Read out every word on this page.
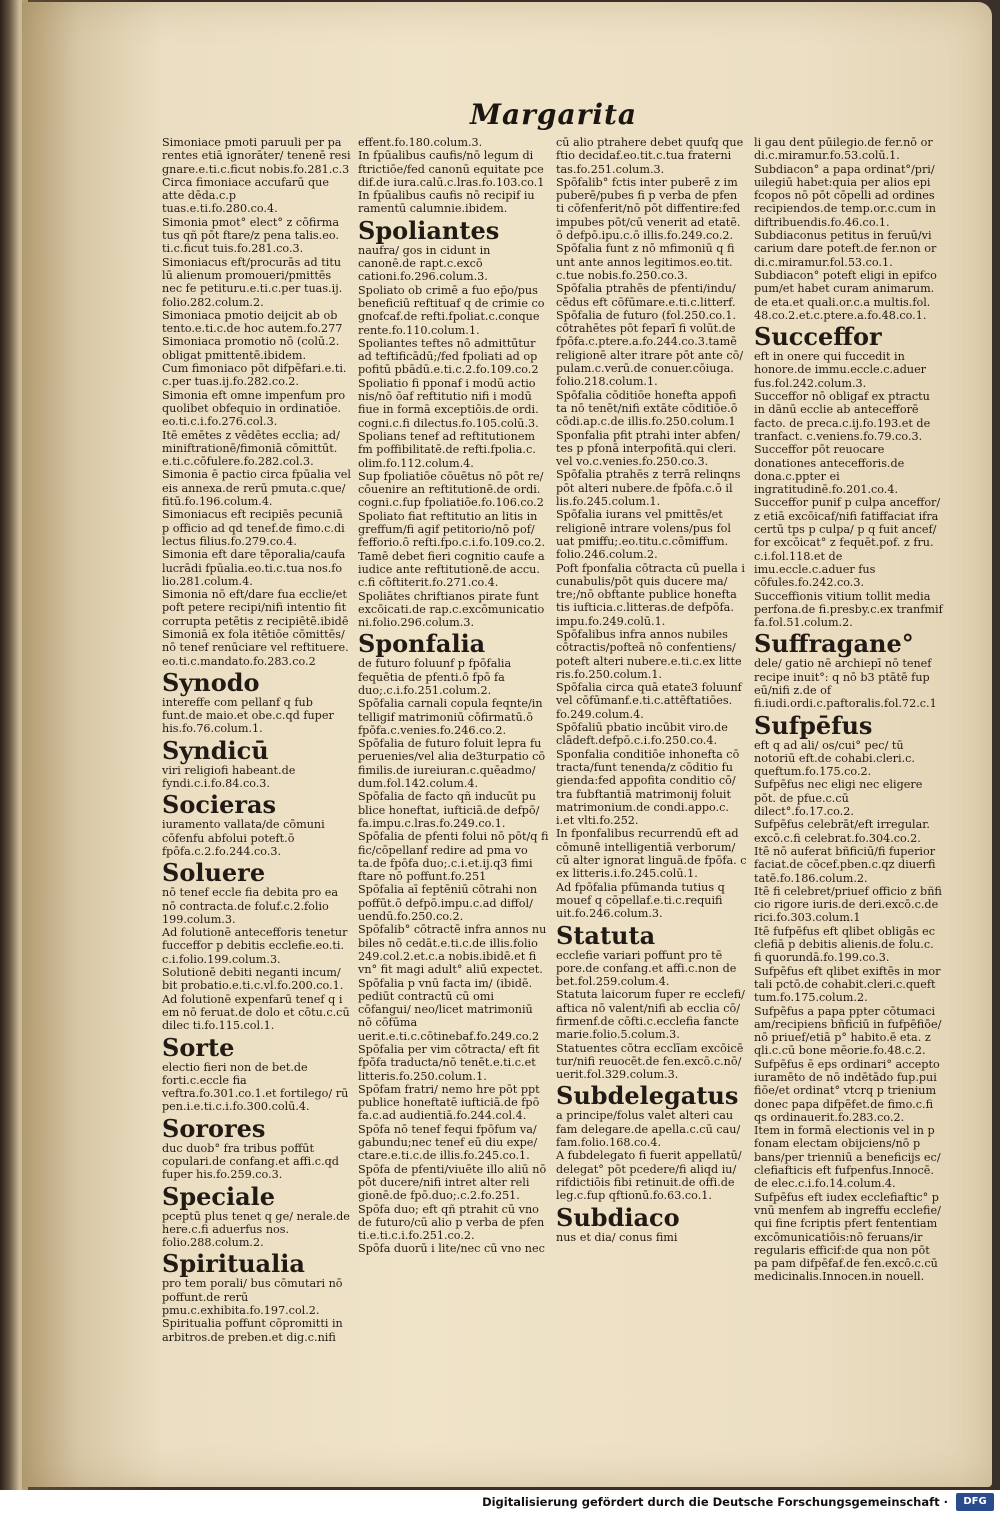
Margarita

Simoniace pmoti paruuli per pa rentes etiā ignorāter/ tenenē resi gnare.e.ti.c.ficut nobis.fo.281.c.3

Circa fimoniace accufarū que atte dēda.c.p tuas.e.ti.fo.280.co.4.

Simonia pmot° elect° z cōfirma tus qñ pōt ftare/z pena talis.eo. ti.c.ficut tuis.fo.281.co.3.

Simoniacus eft/procurās ad titu lū alienum promoueri/pmittēs nec fe petituru.e.ti.c.per tuas.ij. folio.282.colum.2.

Simoniaca pmotio deijcit ab ob tento.e.ti.c.de hoc autem.fo.277

Simoniaca promotio nō (colū.2. obligat pmittentē.ibidem.

Cum fimoniaco pōt difpēfari.e.ti. c.per tuas.ij.fo.282.co.2.

Simonia eft omne impenfum pro quolibet obfequio in ordinatiōe. eo.ti.c.i.fo.276.col.3.

Itē emētes z vēdētes ecclia; ad/ miniftrationē/fimoniā cōmittūt. e.ti.c.cōfulere.fo.282.col.3.

Simonia ē pactio circa fpūalia vel eis annexa.de rerū pmuta.c.que/ fitū.fo.196.colum.4.

Simoniacus eft recipiēs pecuniā p officio ad qd tenef.de fimo.c.di lectus filius.fo.279.co.4.

Simonia eft dare tēporalia/caufa lucrādi fpūalia.eo.ti.c.tua nos.fo lio.281.colum.4.

Simonia nō eft/dare fua ecclie/et poft petere recipi/nifi intentio fit corrupta petētis z recipiētē.ibidē

Simoniā ex fola itētiōe cōmittēs/ nō tenef renūciare vel reftituere. eo.ti.c.mandato.fo.283.co.2

Synodo

intereffe com pellanf q fub funt.de maio.et obe.c.qd fuper his.fo.76.colum.1.

Syndicū

viri religiofi habeant.de fyndi.c.i.fo.84.co.3.

Socieras

iuramento vallata/de cōmuni cōfenfu abfolui poteft.ō fpōfa.c.2.fo.244.co.3.

Soluere

nō tenef eccle fia debita pro ea nō contracta.de foluf.c.2.folio 199.colum.3.

Ad folutionē antecefforis tenetur fucceffor p debitis ecclefie.eo.ti. c.i.folio.199.colum.3.

Solutionē debiti neganti incum/ bit probatio.e.ti.c.vl.fo.200.co.1.

Ad folutionē expenfarū tenef q i em nō feruat.de dolo et cōtu.c.cū dilec ti.fo.115.col.1.

Sorte

electio fieri non de bet.de forti.c.eccle fia veftra.fo.301.co.1.et fortilego/ rū pen.i.e.ti.c.i.fo.300.colū.4.

Sorores

duc duob° fra tribus poffūt copulari.de confang.et affi.c.qd fuper his.fo.259.co.3.

Speciale

pceptū plus tenet q ge/ nerale.de here.c.fi aduerfus nos. folio.288.colum.2.

Spiritualia

pro tem porali/ bus cōmutari nō poffunt.de rerū pmu.c.exhibita.fo.197.col.2.

Spiritualia poffunt cōpromitti in arbitros.de preben.et dig.c.nifi

effent.fo.180.colum.3.

In fpūalibus caufis/nō legum di ftrictiōe/fed canonū equitate pce dif.de iura.calū.c.lras.fo.103.co.1

In fpūalibus caufis nō recipif iu ramentū calumnie.ibidem.

Spoliantes

naufra/ gos in cidunt in canonē.de rapt.c.excō cationi.fo.296.colum.3.

Spoliato ob crimē a fuo ep̄o/pus beneficiū reftituaf q de crimie co gnofcaf.de refti.fpoliat.c.conque rente.fo.110.colum.1.

Spoliantes teftes nō admittūtur ad teftificādū;/fed fpoliati ad op pofitū pbādū.e.ti.c.2.fo.109.co.2

Spoliatio fi pponaf i modū actio nis/nō ōaf reftitutio nifi i modū fiue in formā exceptiōis.de ordi. cogni.c.fi dilectus.fo.105.colū.3.

Spolians tenef ad reftitutionem fm poffibilitatē.de refti.fpolia.c. olim.fo.112.colum.4.

Sup fpoliatiōe cōuētus nō pōt re/ cōuenire an reftitutionē.de ordi. cogni.c.fup fpoliatiōe.fo.106.co.2

Spoliato fiat reftitutio an litis in greffum/fi agif petitorio/nō pof/ fefforio.ō refti.fpo.c.i.fo.109.co.2.

Tamē debet fieri cognitio caufe a iudice ante reftitutionē.de accu. c.fi cōftiterit.fo.271.co.4.

Spoliātes chriftianos pirate funt excōicati.de rap.c.excōmunicatio ni.folio.296.colum.3.

Sponfalia

de futuro foluunf p fpōfalia fequētia de pfenti.ō fpō fa duo;.c.i.fo.251.colum.2.

Spōfalia carnali copula feqnte/in telligif matrimoniū cōfirmatū.ō fpōfa.c.venies.fo.246.co.2.

Spōfalia de futuro foluit lepra fu peruenies/vel alia de3turpatio cō fimilis.de iureiuran.c.quēadmo/ dum.fol.142.colum.4.

Spōfalia de facto qñ inducūt pu blice honeftat, iufticiā.de defpō/ fa.impu.c.lras.fo.249.co.1.

Spōfalia de pfenti folui nō pōt/q fi fic/cōpellanf redire ad pma vo ta.de fpōfa duo;.c.i.et.ij.q3 fimi ftare nō poffunt.fo.251

Spōfalia aī feptēniū cōtrahi non poffūt.ō defpō.impu.c.ad diffol/ uendū.fo.250.co.2.

Spōfalib° cōtractē infra annos nu biles nō cedāt.e.ti.c.de illis.folio 249.col.2.et.c.a nobis.ibidē.et fi vn° fit magi adult° aliū expectet.

Spōfalia p vnū facta im/ (ibidē. pediūt contractū cū omi cōfangui/ neo/licet matrimoniū nō cōfūma uerit.e.ti.c.cōtinebaf.fo.249.co.2

Spōfalia per vim cōtracta/ eft fit fpōfa traducta/nō tenēt.e.ti.c.et litteris.fo.250.colum.1.

Spōfam fratri/ nemo hre pōt ppt publice honeftatē iufticiā.de fpō fa.c.ad audientiā.fo.244.col.4.

Spōfa nō tenef fequi fpōfum va/ gabundu;nec tenef eū diu expe/ ctare.e.ti.c.de illis.fo.245.co.1.

Spōfa de pfenti/viuēte illo aliū nō pōt ducere/nifi intret alter reli gionē.de fpō.duo;.c.2.fo.251.

Spōfa duo; eft qñ ptrahit cū vno de futuro/cū alio p verba de pfen ti.e.ti.c.i.fo.251.co.2.

Spōfa duorū i lite/nec cū vno nec

cū alio ptrahere debet quufq que ftio decidaf.eo.tit.c.tua fraterni tas.fo.251.colum.3.

Spōfalib° fctis inter puberē z im puberē/pubes fi p verba de pfen ti cōfenferit/nō pōt diffentire:fed impubes pōt/cū venerit ad etatē. ō defpō.ipu.c.ō illis.fo.249.co.2.

Spōfalia funt z nō mfimoniū q fi unt ante annos legitimos.eo.tit. c.tue nobis.fo.250.co.3.

Spōfalia ptrahēs de pfenti/indu/ cēdus eft cōfūmare.e.ti.c.litterf.

Spōfalia de futuro (fol.250.co.1. cōtrahētes pōt feparī fi volūt.de fpōfa.c.ptere.a.fo.244.co.3.tamē religionē alter itrare pōt ante cō/ pulam.c.verū.de conuer.cōiuga. folio.218.colum.1.

Spōfalia cōditiōe honefta appofi ta nō tenēt/nifi extāte cōditiōe.ō cōdi.ap.c.de illis.fo.250.colum.1

Sponfalia pfit ptrahi inter abfen/ tes p pfonā interpofitā.qui cleri. vel vo.c.venies.fo.250.co.3.

Spōfalia ptrahēs z terrā relinqns pōt alteri nubere.de fpōfa.c.ō il lis.fo.245.colum.1.

Spōfalia iurans vel pmittēs/et religionē intrare volens/pus fol uat pmiffu;.eo.titu.c.cōmiffum. folio.246.colum.2.

Poft fponfalia cōtracta cū puella i cunabulis/pōt quis ducere ma/ tre;/nō obftante publice honefta tis iufticia.c.litteras.de defpōfa. impu.fo.249.colū.1.

Spōfalibus infra annos nubiles cōtractis/pofteā nō confentiens/ poteft alteri nubere.e.ti.c.ex litte ris.fo.250.colum.1.

Spōfalia circa quā etate3 foluunf vel cōfūmanf.e.ti.c.attēftatiōes. fo.249.colum.4.

Spōfaliū pbatio incūbit viro.de clādeft.defpō.c.i.fo.250.co.4.

Sponfalia conditiōe inhonefta cō tracta/funt tenenda/z cōditio fu gienda:fed appofita conditio cō/ tra fubftantiā matrimonij foluit matrimonium.de condi.appo.c. i.et vlti.fo.252.

In fponfalibus recurrendū eft ad cōmunē intelligentiā verborum/ cū alter ignorat linguā.de fpōfa. c ex litteris.i.fo.245.colū.1.

Ad fpōfalia pfūmanda tutius q mouef q cōpellaf.e.ti.c.requifi uit.fo.246.colum.3.

Statuta

ecclefie variari poffunt pro tē pore.de confang.et affi.c.non de bet.fol.259.colum.4.

Statuta laicorum fuper re ecclefi/ aftica nō valent/nifi ab ecclia cō/ firmenf.de cōfti.c.ecclefia fancte marie.folio.5.colum.3.

Statuentes cōtra ecclīam excōicē tur/nifi reuocēt.de fen.excō.c.nō/ uerit.fol.329.colum.3.

Subdelegatus

a principe/folus valet alteri cau fam delegare.de apella.c.cū cau/ fam.folio.168.co.4.

A fubdelegato fi fuerit appellatū/ delegat° pōt pcedere/fi aliqd iu/ rifdictiōis fibi retinuit.de offi.de leg.c.fup qftionū.fo.63.co.1.

Subdiaco

nus et dia/ conus fimi

li gau dent pūilegio.de fer.nō or di.c.miramur.fo.53.colū.1.

Subdiacon° a papa ordinat°/pri/ uilegiū habet:quia per alios epi fcopos nō pōt cōpelli ad ordines recipiendos.de temp.or.c.cum in diftribuendis.fo.46.co.1.

Subdiaconus petitus in feruū/vi carium dare poteft.de fer.non or di.c.miramur.fol.53.co.1.

Subdiacon° poteft eligi in epifco pum/et habet curam animarum. de eta.et quali.or.c.a multis.fol. 48.co.2.et.c.ptere.a.fo.48.co.1.

Succeffor

eft in onere qui fuccedit in honore.de immu.eccle.c.aduer fus.fol.242.colum.3.

Succeffor nō obligaf ex ptractu in dānū ecclie ab antecefforē facto. de preca.c.ij.fo.193.et de tranfact. c.veniens.fo.79.co.3.

Succeffor pōt reuocare donationes antecefforis.de dona.c.ppter ei ingratitudinē.fo.201.co.4.

Succeffor punif p culpa anceffor/ z etiā excōicaf/nifi fatiffaciat ifra certū tps p culpa/ p q fuit ancef/ for excōicat° z fequēt.pof. z fru. c.i.fol.118.et de imu.eccle.c.aduer fus cōfules.fo.242.co.3.

Succeffionis vitium tollit media perfona.de fi.presby.c.ex tranfmif fa.fol.51.colum.2.

Suffragane°

dele/ gatio nē archiepī nō tenef recipe inuit°: q nō b3 ptātē fup eū/nifi z.de of fi.iudi.ordi.c.paftoralis.fol.72.c.1

Sufpēfus

eft q ad ali/ os/cui° pec/ tū notoriū eft.de cohabi.cleri.c. queftum.fo.175.co.2.

Sufpēfus nec eligi nec eligere pōt. de pfue.c.cū dilect°.fo.17.co.2.

Sufpēfus celebrāt/eft irregular. excō.c.fi celebrat.fo.304.co.2.

Itē nō auferat bñficiū/fi fuperior faciat.de cōcef.pben.c.qz diuerfi tatē.fo.186.colum.2.

Itē fi celebret/priuef officio z bñfi cio rigore iuris.de deri.excō.c.de rici.fo.303.colum.1

Itē fufpēfus eft qlibet obligās ec clefiā p debitis alienis.de folu.c. fi quorundā.fo.199.co.3.

Sufpēfus eft qlibet exiftēs in mor tali pctō.de cohabit.cleri.c.queft tum.fo.175.colum.2.

Sufpēfus a papa ppter cōtumaci am/recipiens bñficiū in fufpēfiōe/ nō priuef/etiā p° habito.ē eta. z qli.c.cū bone mēorie.fo.48.c.2.

Sufpēfus ē eps ordinari° accepto iuramēto de nō indētādo fup.pui fiōe/et ordinat° vtcrq p trienium donec papa difpēfet.de fimo.c.fi qs ordinauerit.fo.283.co.2.

Item in formā electionis vel in p fonam electam obijciens/nō p bans/per trienniū a beneficijs ec/ clefiafticis eft fufpenfus.Innocē. de elec.c.i.fo.14.colum.4.

Sufpēfus eft iudex ecclefiaftic° p vnū menfem ab ingreffu ecclefie/ qui fine fcriptis pfert fententiam excōmunicatiōis:nō feruans/ir regularis efficif:de qua non pōt pa pam difpēfaf.de fen.excō.c.cū medicinalis.Innocen.in nouell.

Digitalisierung gefördert durch die Deutsche Forschungsgemeinschaft ·	DFG
